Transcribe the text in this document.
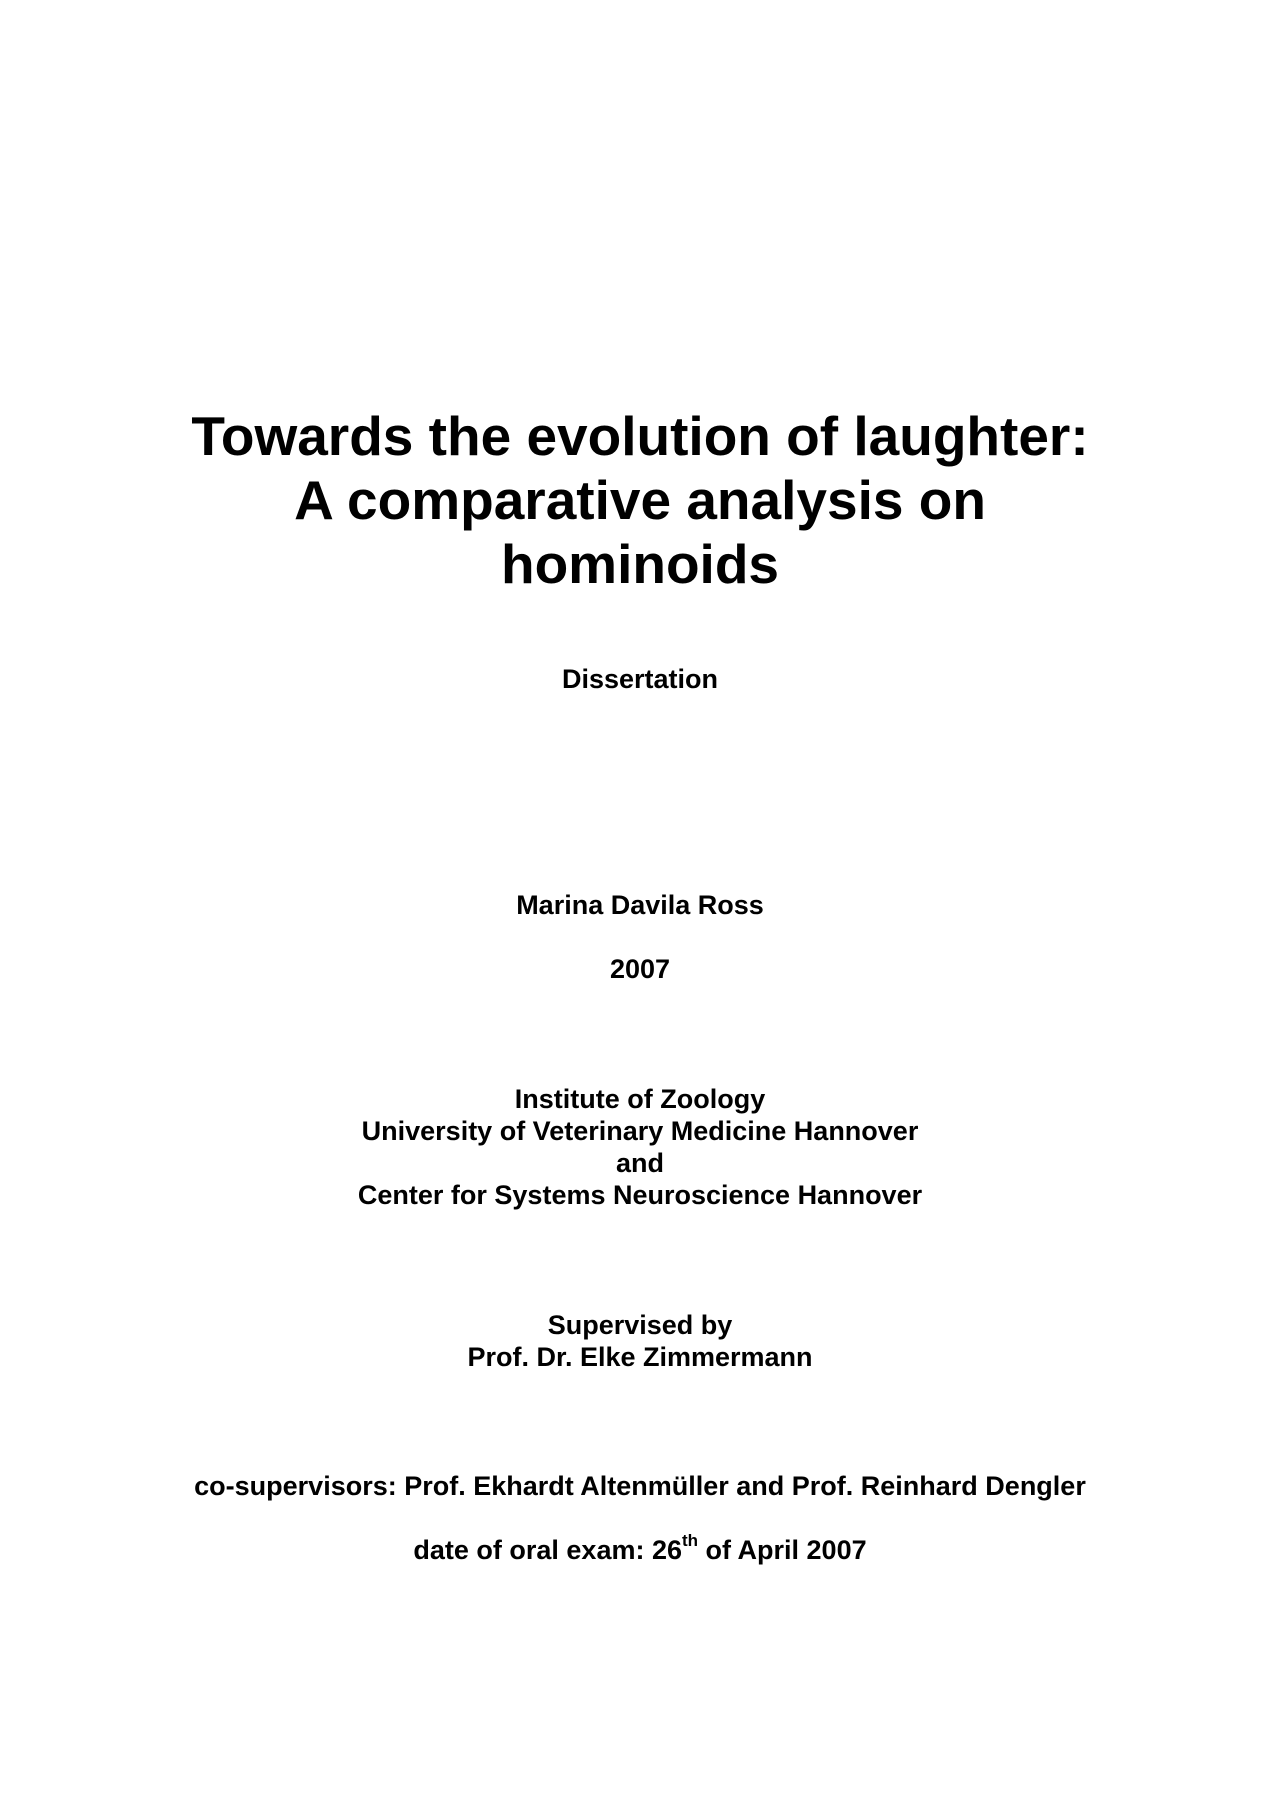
Towards the evolution of laughter:
A comparative analysis on
hominoids
Dissertation
Marina Davila Ross
2007
Institute of Zoology
University of Veterinary Medicine Hannover
and
Center for Systems Neuroscience Hannover
Supervised by
Prof. Dr. Elke Zimmermann
co-supervisors: Prof. Ekhardt Altenmüller and Prof. Reinhard Dengler
date of oral exam: 26th of April 2007
